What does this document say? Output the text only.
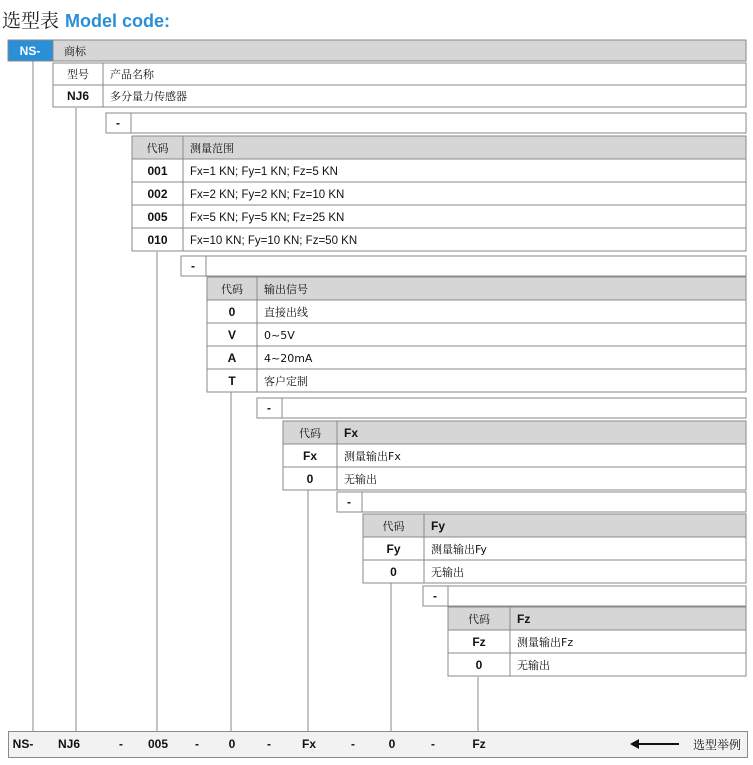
选型表 Model code:
NS- 商标
型号 产品名称
NJ6 多分量力传感器
-
代码 测量范围
001 Fx=1 KN; Fy=1 KN; Fz=5 KN
002 Fx=2 KN; Fy=2 KN; Fz=10 KN
005 Fx=5 KN; Fy=5 KN; Fz=25 KN
010 Fx=10 KN; Fy=10 KN; Fz=50 KN
-
代码 输出信号
0	直接出线
V	0~5V
A	4~20mA
T	客户定制
-
代码 Fx
Fx 测量输出Fx
0	无输出
-
代码 Fy
Fy	测量输出Fy
0	无输出
-
代码 Fz
Fz	测量输出Fz
0	无输出
NS- NJ6	- 005 - 0	-	Fx	-	0	-	Fz	选型举例
